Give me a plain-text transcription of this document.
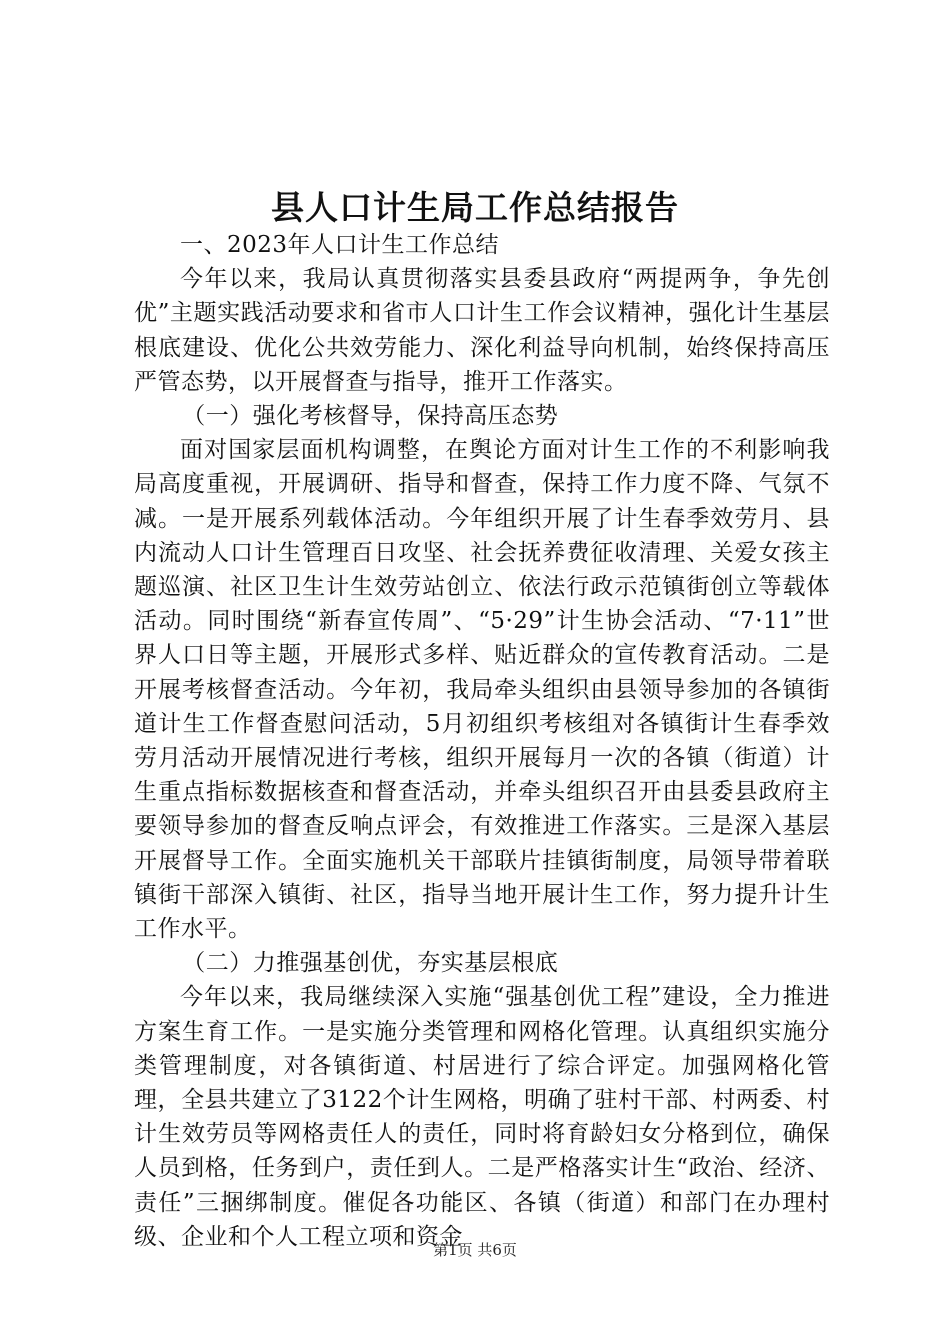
县人口计生局工作总结报告

一、2023年人口计生工作总结

今年以来，我局认真贯彻落实县委县政府“两提两争，争先创优”主题实践活动要求和省市人口计生工作会议精神，强化计生基层根底建设、优化公共效劳能力、深化利益导向机制，始终保持高压严管态势，以开展督查与指导，推开工作落实。

（一）强化考核督导，保持高压态势

面对国家层面机构调整，在舆论方面对计生工作的不利影响我局高度重视，开展调研、指导和督查，保持工作力度不降、气氛不减。一是开展系列载体活动。今年组织开展了计生春季效劳月、县内流动人口计生管理百日攻坚、社会抚养费征收清理、关爱女孩主题巡演、社区卫生计生效劳站创立、依法行政示范镇街创立等载体活动。同时围绕“新春宣传周”、“5·29”计生协会活动、“7·11”世界人口日等主题，开展形式多样、贴近群众的宣传教育活动。二是开展考核督查活动。今年初，我局牵头组织由县领导参加的各镇街道计生工作督查慰问活动，5月初组织考核组对各镇街计生春季效劳月活动开展情况进行考核，组织开展每月一次的各镇（街道）计生重点指标数据核查和督查活动，并牵头组织召开由县委县政府主要领导参加的督查反响点评会，有效推进工作落实。三是深入基层开展督导工作。全面实施机关干部联片挂镇街制度，局领导带着联镇街干部深入镇街、社区，指导当地开展计生工作，努力提升计生工作水平。

（二）力推强基创优，夯实基层根底

今年以来，我局继续深入实施“强基创优工程”建设，全力推进方案生育工作。一是实施分类管理和网格化管理。认真组织实施分类管理制度，对各镇街道、村居进行了综合评定。加强网格化管理，全县共建立了3122个计生网格，明确了驻村干部、村两委、村计生效劳员等网格责任人的责任，同时将育龄妇女分格到位，确保人员到格，任务到户，责任到人。二是严格落实计生“政治、经济、责任”三捆绑制度。催促各功能区、各镇（街道）和部门在办理村级、企业和个人工程立项和资金

第1页 共6页
